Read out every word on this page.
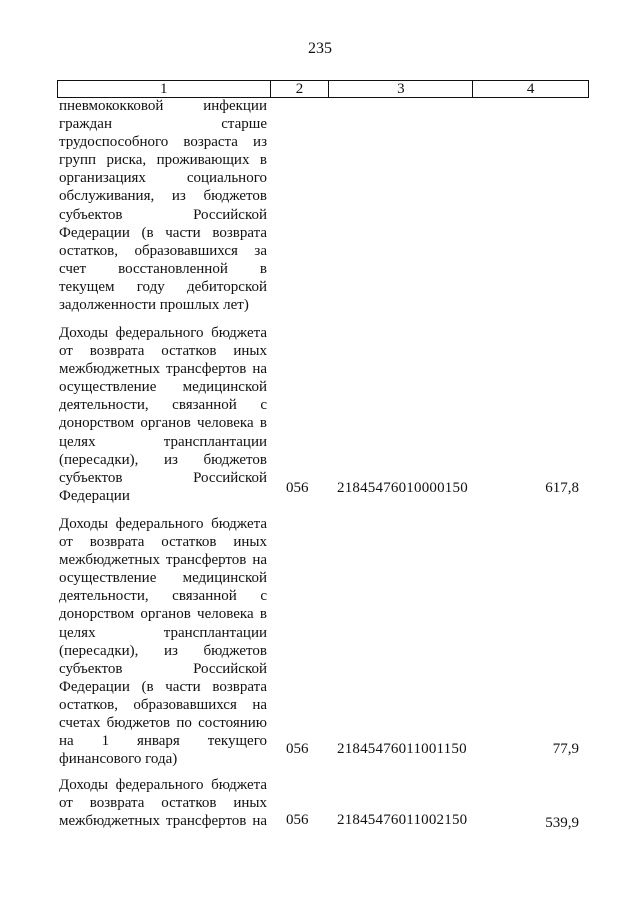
235
1	2	3	4
пневмококковой инфекции
граждан старше
трудоспособного возраста из
групп риска, проживающих в
организациях социального
обслуживания, из бюджетов
субъектов Российской
Федерации (в части возврата
остатков, образовавшихся за
счет восстановленной в
текущем году дебиторской
задолженности прошлых лет)
Доходы федерального бюджета
от возврата остатков иных
межбюджетных трансфертов на
осуществление медицинской
деятельности, связанной с
донорством органов человека в
целях трансплантации
(пересадки), из бюджетов
субъектов Российской
Федерации	056	21845476010000150	617,8
Доходы федерального бюджета
от возврата остатков иных
межбюджетных трансфертов на
осуществление медицинской
деятельности, связанной с
донорством органов человека в
целях трансплантации
(пересадки), из бюджетов
субъектов Российской
Федерации (в части возврата
остатков, образовавшихся на
счетах бюджетов по состоянию
на 1 января текущего
финансового года)
056	21845476011001150	77,9
Доходы федерального бюджета
от возврата остатков иных
межбюджетных трансфертов на 056	21845476011002150	539,9
